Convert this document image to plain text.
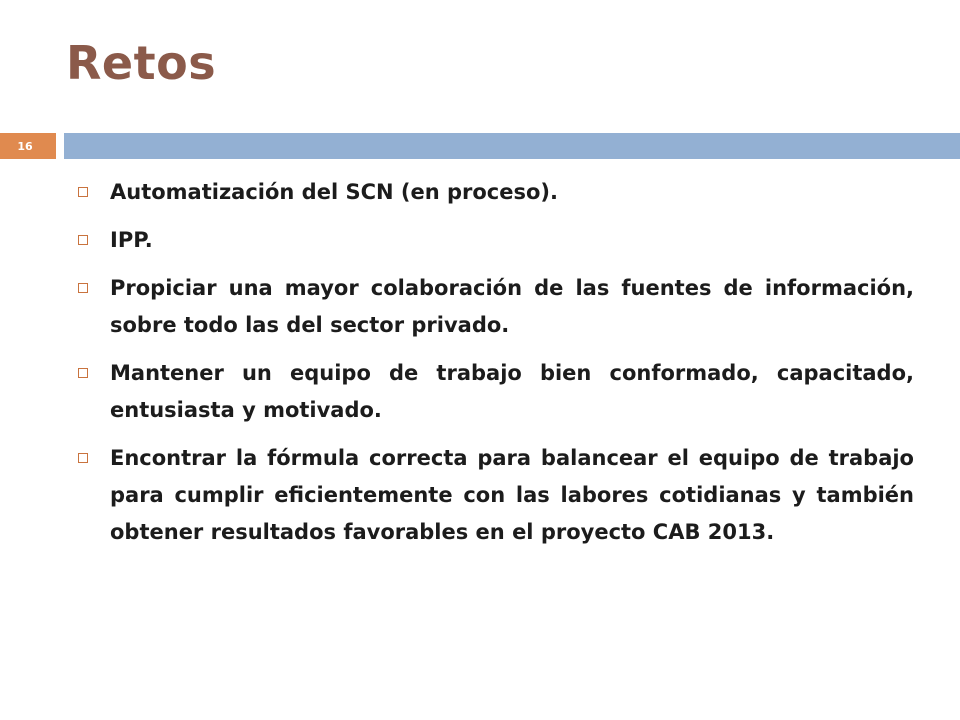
Retos
16
Automatización del SCN (en proceso).
IPP.
Propiciar una mayor colaboración de las fuentes de información, sobre todo las del sector privado.
Mantener un equipo de trabajo bien conformado, capacitado, entusiasta y motivado.
Encontrar la fórmula correcta para balancear el equipo de trabajo para cumplir eficientemente con las labores cotidianas y también obtener resultados favorables en el proyecto CAB 2013.
